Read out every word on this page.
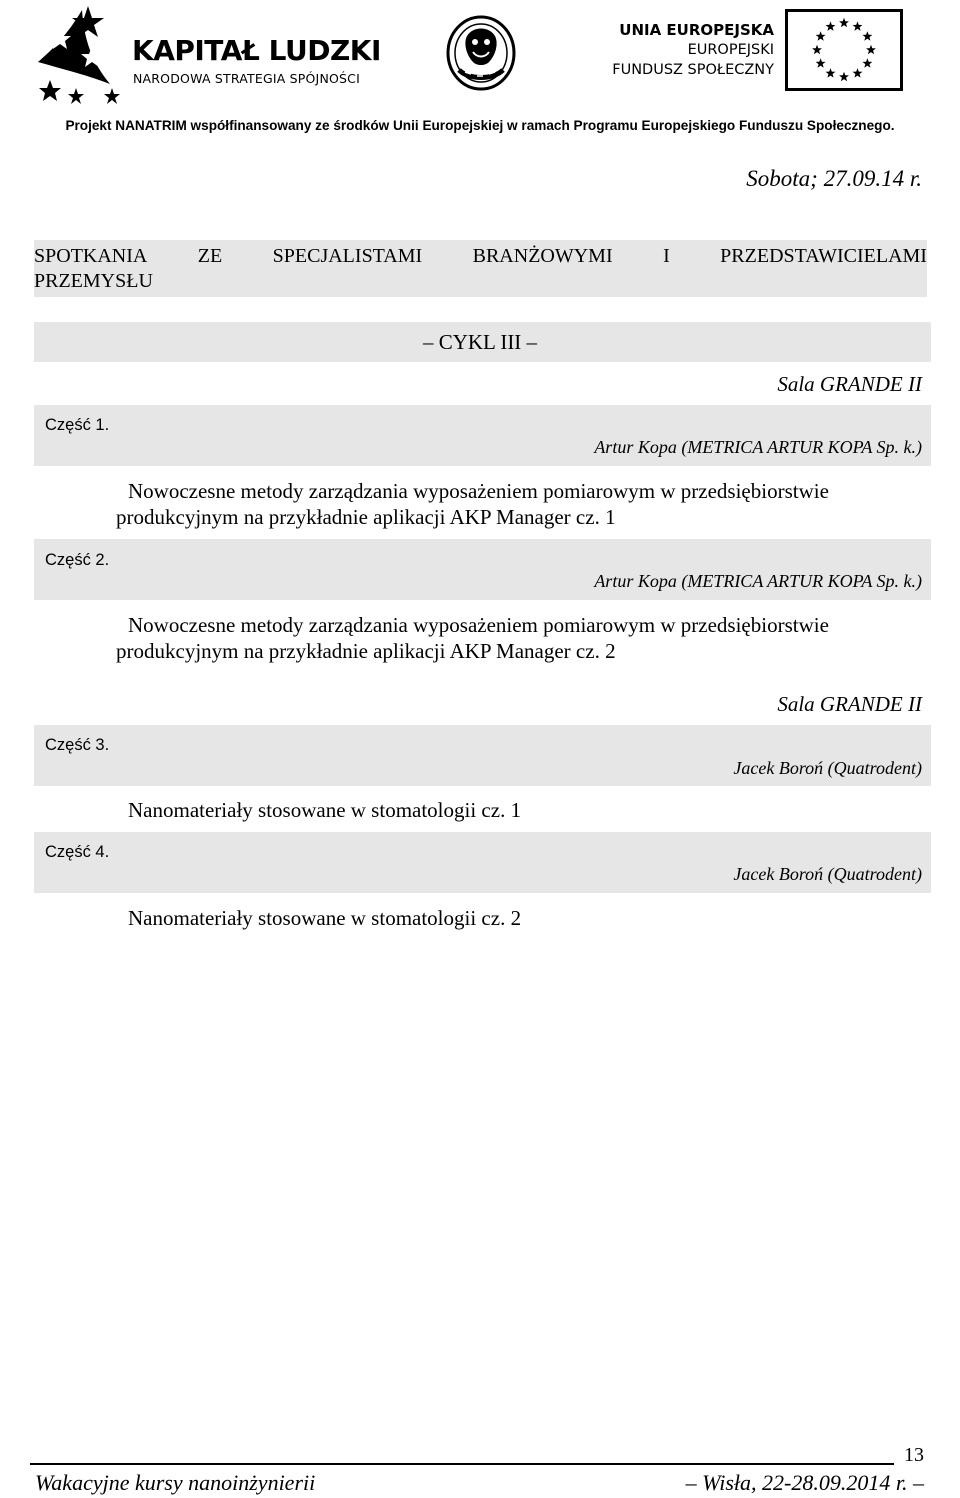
KAPITAŁ LUDZKI
NARODOWA STRATEGIA SPÓJNOŚCI
UNIA EUROPEJSKA
EUROPEJSKI
FUNDUSZ SPOŁECZNY
Projekt NANATRIM współfinansowany ze środków Unii Europejskiej w ramach Programu Europejskiego Funduszu Społecznego.
Sobota; 27.09.14 r.
SPOTKANIA	ZE	SPECJALISTAMI	BRANŻOWYMI	I	PRZEDSTAWICIELAMI
PRZEMYSŁU
– CYKL III –
Sala GRANDE II
Część 1.
Artur Kopa (METRICA ARTUR KOPA Sp. k.)
Nowoczesne metody zarządzania wyposażeniem pomiarowym w przedsiębiorstwie produkcyjnym na przykładnie aplikacji AKP Manager cz. 1
Część 2.
Artur Kopa (METRICA ARTUR KOPA Sp. k.)
Nowoczesne metody zarządzania wyposażeniem pomiarowym w przedsiębiorstwie produkcyjnym na przykładnie aplikacji AKP Manager cz. 2
Sala GRANDE II
Część 3.
Jacek Boroń (Quatrodent)
Nanomateriały stosowane w stomatologii cz. 1
Część 4.
Jacek Boroń (Quatrodent)
Nanomateriały stosowane w stomatologii cz. 2
13
Wakacyjne kursy nanoinżynierii	– Wisła, 22-28.09.2014 r. –
